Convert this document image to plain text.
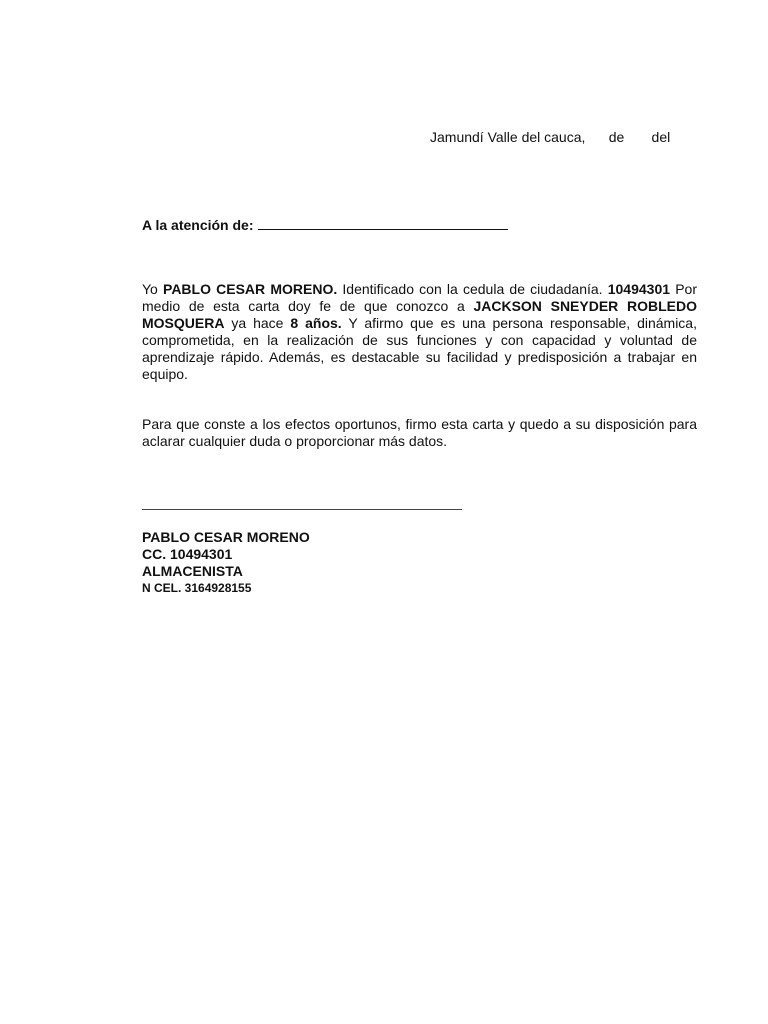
Jamundí Valle del cauca, de del
A la atención de:

Yo PABLO CESAR MORENO. Identificado con la cedula de ciudadanía. 10494301 Por medio de esta carta doy fe de que conozco a JACKSON SNEYDER ROBLEDO MOSQUERA ya hace 8 años. Y afirmo que es una persona responsable, dinámica, comprometida, en la realización de sus funciones y con capacidad y voluntad de aprendizaje rápido. Además, es destacable su facilidad y predisposición a trabajar en equipo.

Para que conste a los efectos oportunos, firmo esta carta y quedo a su disposición para aclarar cualquier duda o proporcionar más datos.

PABLO CESAR MORENO
CC. 10494301
ALMACENISTA
N CEL. 3164928155
